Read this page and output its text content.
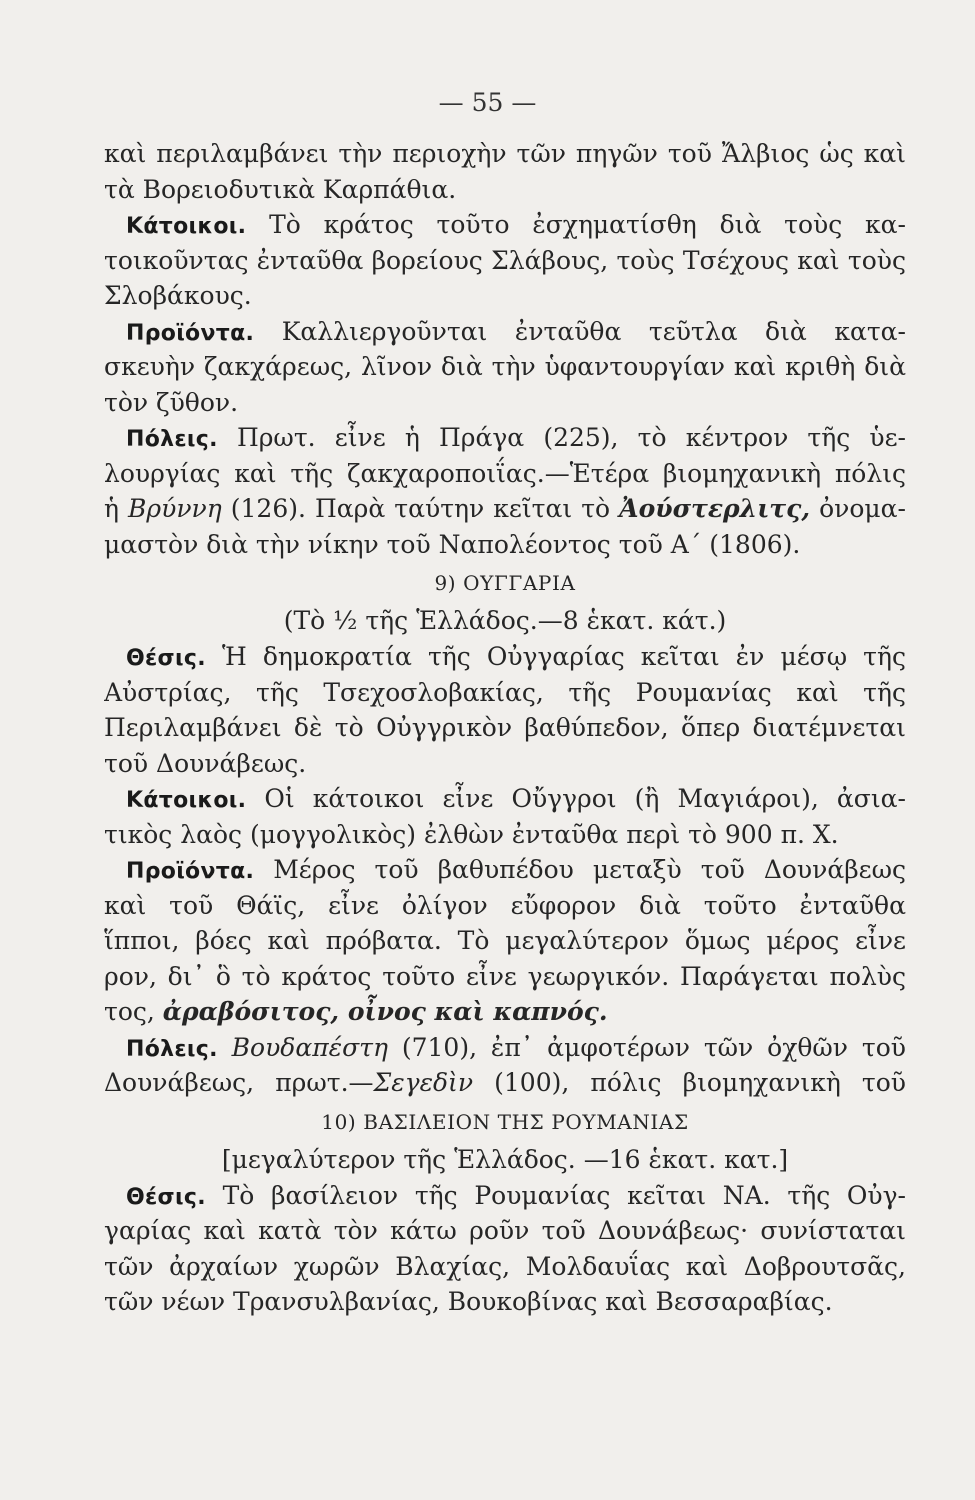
— 55 —

καὶ περιλαμβάνει τὴν περιοχὴν τῶν πηγῶν τοῦ Ἄλβιος ὡς καὶ

τὰ Βορειοδυτικὰ Καρπάθια.

Κάτοικοι. Τὸ κράτος τοῦτο ἐσχηματίσθη διὰ τοὺς κα-

τοικοῦντας ἐνταῦθα βορείους Σλάβους, τοὺς Τσέχους καὶ τοὺς

Σλοβάκους.

Προϊόντα. Καλλιεργοῦνται ἐνταῦθα τεῦτλα διὰ κατα-

σκευὴν ζακχάρεως, λῖνον διὰ τὴν ὑφαντουργίαν καὶ κριθὴ διὰ

τὸν ζῦθον.

Πόλεις. Πρωτ. εἶνε ἡ Πράγα (225), τὸ κέντρον τῆς ὑε-

λουργίας καὶ τῆς ζακχαροποιΐας.—Ἑτέρα βιομηχανικὴ πόλις

ἡ Βρύννη (126). Παρὰ ταύτην κεῖται τὸ Ἀούστερλιτς, ὀνομα-

μαστὸν διὰ τὴν νίκην τοῦ Ναπολέοντος τοῦ Α΄ (1806).

9) ΟΥΓΓΑΡΙΑ
(Τὸ ½ τῆς Ἑλλάδος.—8 ἑκατ. κάτ.)

Θέσις. Ἡ δημοκρατία τῆς Οὐγγαρίας κεῖται ἐν μέσῳ τῆς

Αὐστρίας, τῆς Τσεχοσλοβακίας, τῆς Ρουμανίας καὶ τῆς

Περιλαμβάνει δὲ τὸ Οὐγγρικὸν βαθύπεδον, ὅπερ διατέμνεται

τοῦ Δουνάβεως.

Κάτοικοι. Οἱ κάτοικοι εἶνε Οὔγγροι (ἢ Μαγιάροι), ἀσια-

τικὸς λαὸς (μογγολικὸς) ἐλθὼν ἐνταῦθα περὶ τὸ 900 π. Χ.

Προϊόντα. Μέρος τοῦ βαθυπέδου μεταξὺ τοῦ Δουνάβεως

καὶ τοῦ Θάϊς, εἶνε ὀλίγον εὔφορον διὰ τοῦτο ἐνταῦθα

ἵπποι, βόες καὶ πρόβατα. Τὸ μεγαλύτερον ὅμως μέρος εἶνε

ρον, δι᾽ ὃ τὸ κράτος τοῦτο εἶνε γεωργικόν. Παράγεται πολὺς

τος, ἀραβόσιτος, οἶνος καὶ καπνός.

Πόλεις. Βουδαπέστη (710), ἐπ᾽ ἀμφοτέρων τῶν ὀχθῶν τοῦ

Δουνάβεως, πρωτ.—Σεγεδὶν (100), πόλις βιομηχανικὴ τοῦ

10) ΒΑΣΙΛΕΙΟΝ ΤΗΣ ΡΟΥΜΑΝΙΑΣ
[μεγαλύτερον τῆς Ἑλλάδος. —16 ἑκατ. κατ.]

Θέσις. Τὸ βασίλειον τῆς Ρουμανίας κεῖται ΝΑ. τῆς Οὐγ-

γαρίας καὶ κατὰ τὸν κάτω ροῦν τοῦ Δουνάβεως· συνίσταται

τῶν ἀρχαίων χωρῶν Βλαχίας, Μολδαυΐας καὶ Δοβρουτσᾶς,

τῶν νέων Τρανσυλβανίας, Βουκοβίνας καὶ Βεσσαραβίας.
